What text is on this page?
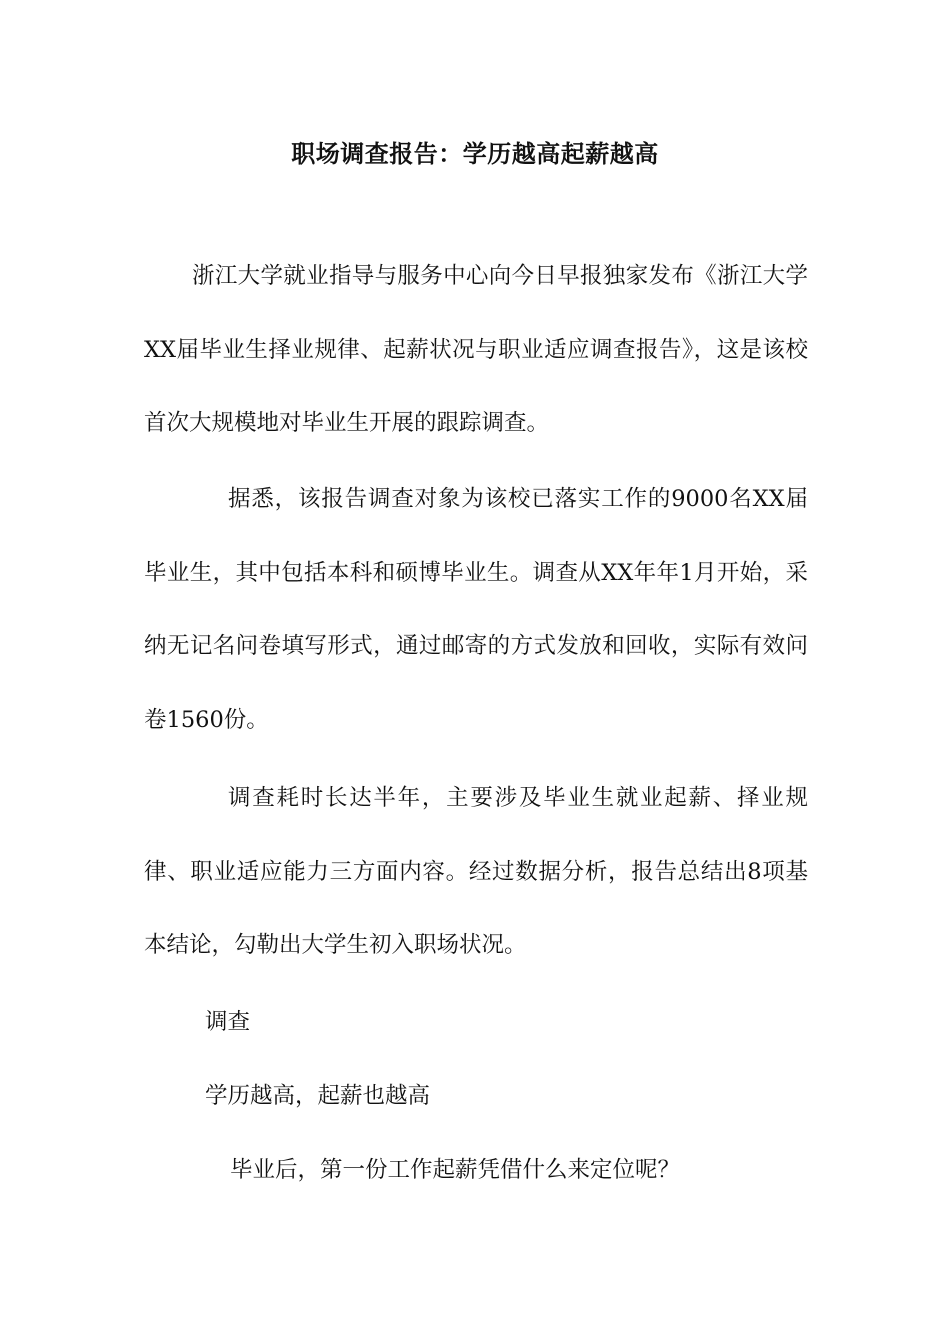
职场调查报告：学历越高起薪越高

浙江大学就业指导与服务中心向今日早报独家发布《浙江大学XX届毕业生择业规律、起薪状况与职业适应调查报告》，这是该校首次大规模地对毕业生开展的跟踪调查。

据悉，该报告调查对象为该校已落实工作的9000名XX届毕业生，其中包括本科和硕博毕业生。调查从XX年年1月开始，采纳无记名问卷填写形式，通过邮寄的方式发放和回收，实际有效问卷1560份。

调查耗时长达半年，主要涉及毕业生就业起薪、择业规律、职业适应能力三方面内容。经过数据分析，报告总结出8项基本结论，勾勒出大学生初入职场状况。

调查

学历越高，起薪也越高

毕业后，第一份工作起薪凭借什么来定位呢？
